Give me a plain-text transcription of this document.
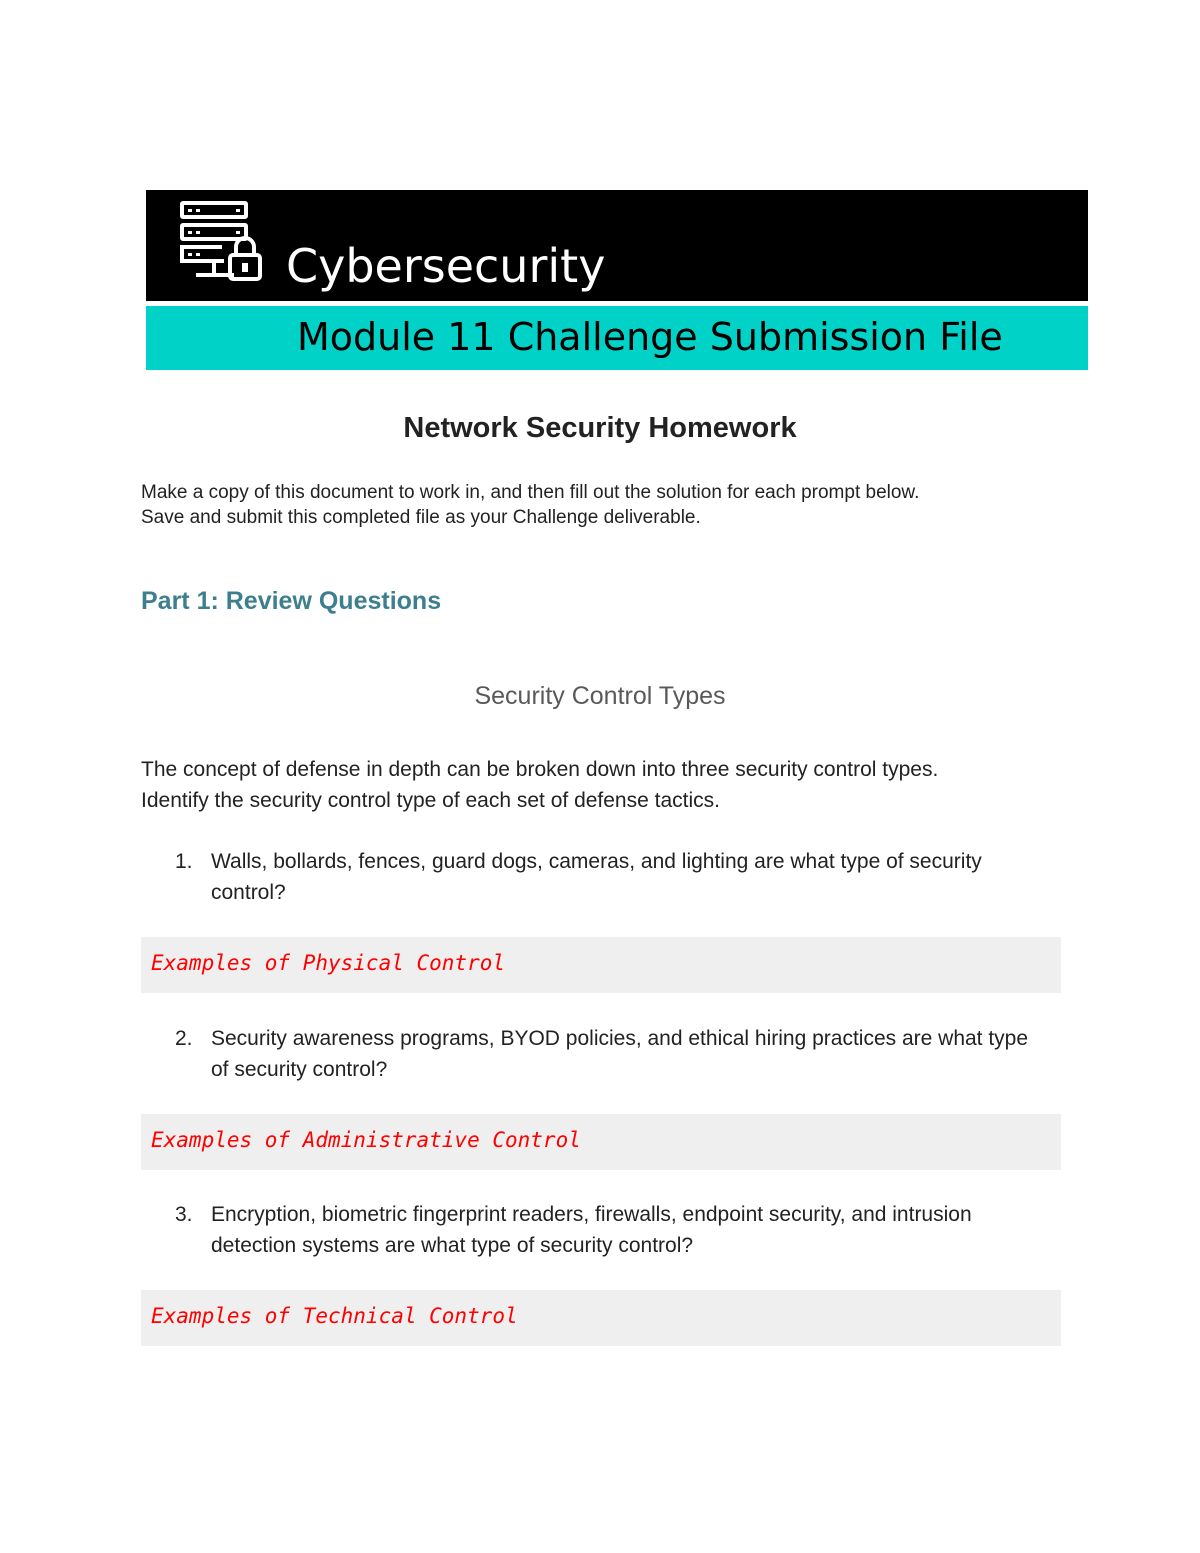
Cybersecurity
Module 11 Challenge Submission File
Network Security Homework

Make a copy of this document to work in, and then fill out the solution for each prompt below.

Save and submit this completed file as your Challenge deliverable.

Part 1: Review Questions
Security Control Types

The concept of defense in depth can be broken down into three security control types.

Identify the security control type of each set of defense tactics.

1. Walls, bollards, fences, guard dogs, cameras, and lighting are what type of security control?
Examples of Physical Control
2. Security awareness programs, BYOD policies, and ethical hiring practices are what type of security control?
Examples of Administrative Control
3. Encryption, biometric fingerprint readers, firewalls, endpoint security, and intrusion detection systems are what type of security control?
Examples of Technical Control
